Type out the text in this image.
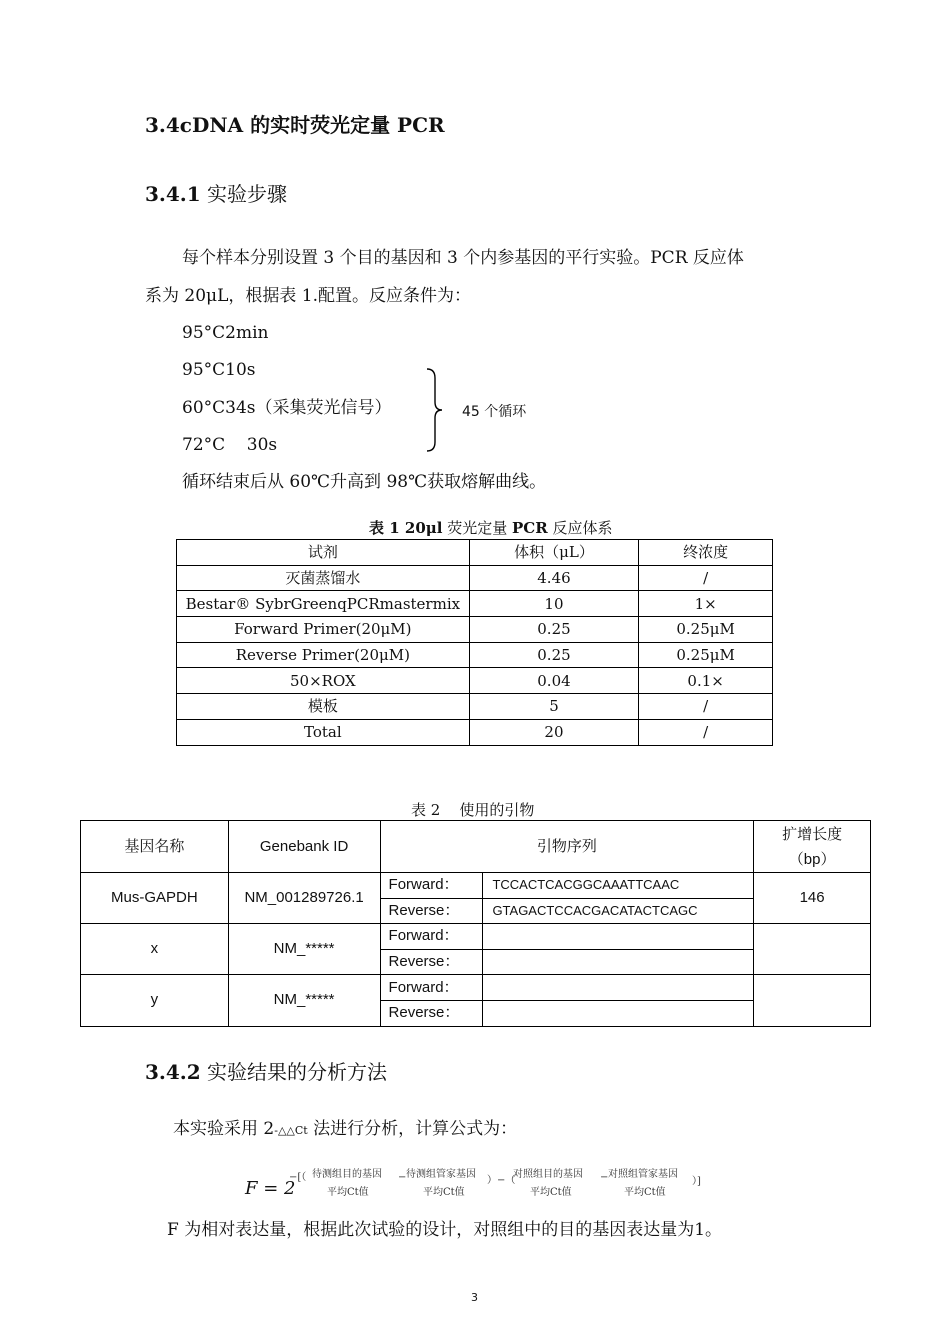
3.4cDNA 的实时荧光定量 PCR
3.4.1 实验步骤
每个样本分别设置 3 个目的基因和 3 个内参基因的平行实验。PCR 反应体
系为 20μL，根据表 1.配置。反应条件为：
95°C2min
95°C10s
60°C34s（采集荧光信号）
72°C    30s
45 个循环
循环结束后从 60℃升高到 98℃获取熔解曲线。
表 1 20μl 荧光定量 PCR 反应体系
试剂	体积（μL）	终浓度
灭菌蒸馏水	4.46	/
Bestar® SybrGreenqPCRmastermix	10	1×
Forward Primer(20μM)	0.25	0.25μM
Reverse Primer(20μM)	0.25	0.25μM
50×ROX	0.04	0.1×
模板	5	/
Total	20	/
表 2    使用的引物
基因名称	Genebank ID	引物序列		扩增长度
（bp）

Mus-GAPDH	NM_001289726.1	Forward：	TCCACTCACGGCAAATTCAAC	146
		Reverse：	GTAGACTCCACGACATACTCAGC	
x	NM_*****	Forward：		
		Reverse：		
y	NM_*****	Forward：		
		Reverse：		
3.4.2 实验结果的分析方法
本实验采用 2-△△Ct 法进行分析，计算公式为：
F = 2
−[（ 待测组目的基因
平均Ct值
− 待测组管家基因
平均Ct值
）−（
对照组目的基因
平均Ct值
− 对照组管家基因
平均Ct值
）]
F 为相对表达量，根据此次试验的设计，对照组中的目的基因表达量为1。
3
